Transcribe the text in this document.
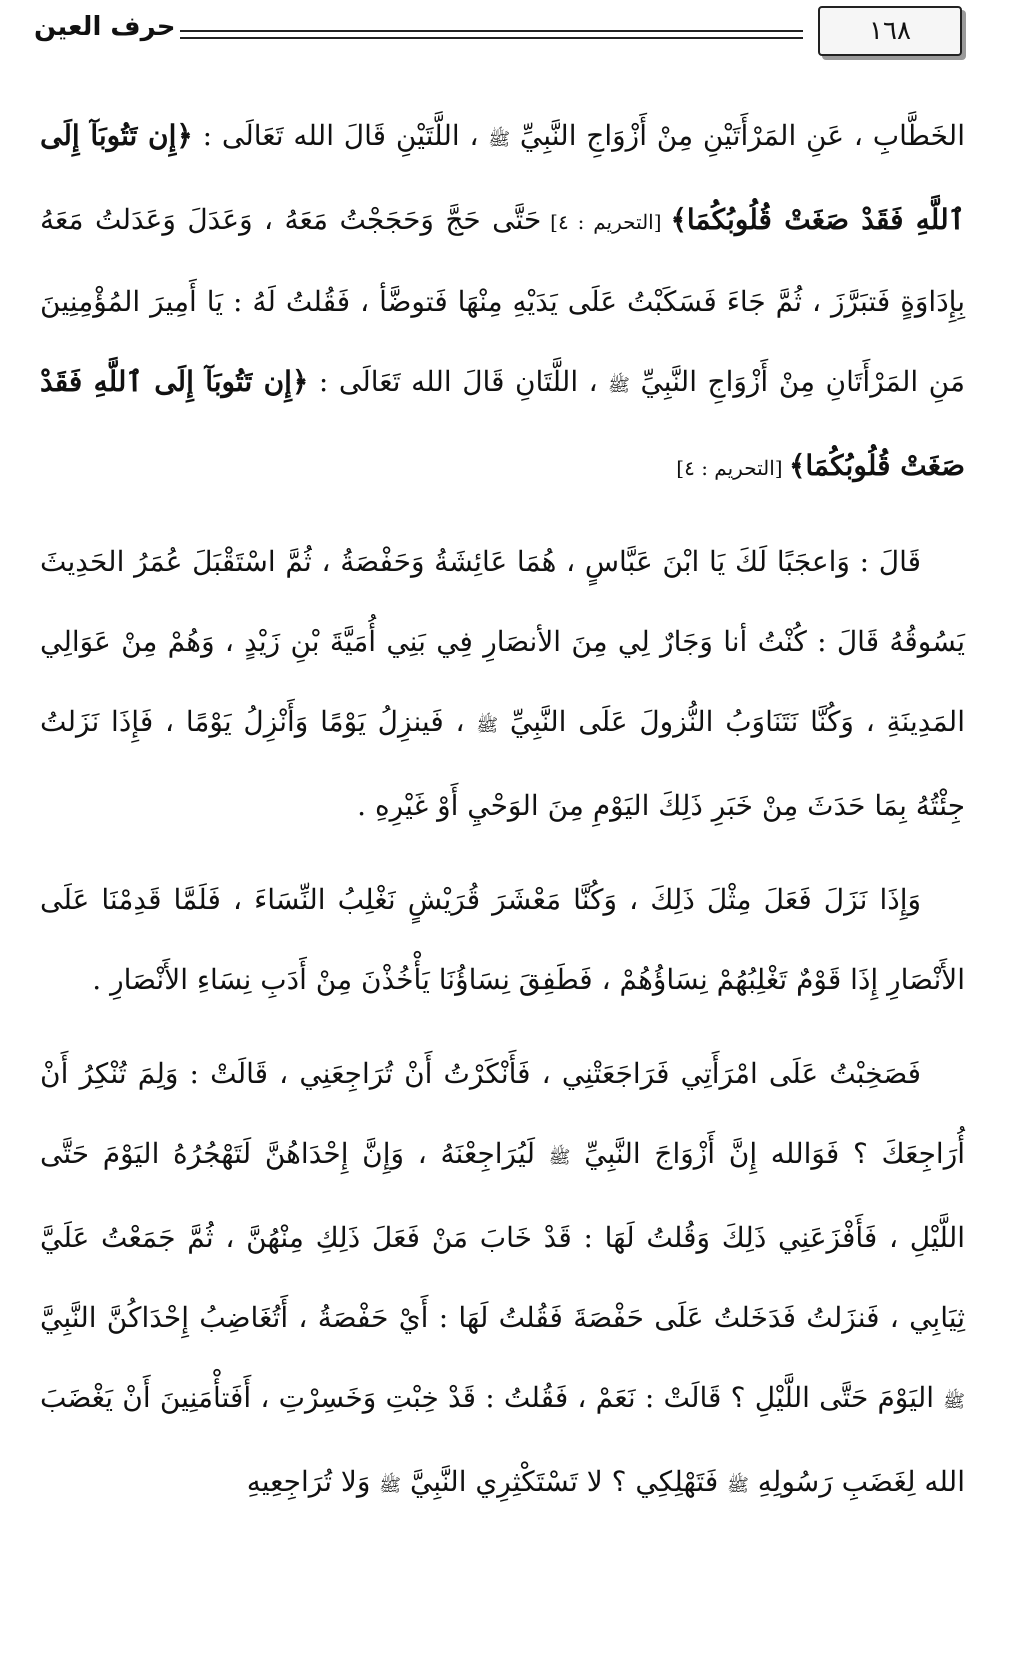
١٦٨
حرف العين

الخَطَّابِ ، عَنِ المَرْأَتَيْنِ مِنْ أَزْوَاجِ النَّبِيِّ ﷺ ، اللَّتَيْنِ قَالَ الله تَعَالَى : ﴿إِن تَتُوبَآ إِلَى ٱللَّهِ فَقَدْ صَغَتْ قُلُوبُكُمَا﴾ [التحريم : ٤] حَتَّى حَجَّ وَحَجَجْتُ مَعَهُ ، وَعَدَلَ وَعَدَلتُ مَعَهُ بِإِدَاوَةٍ فَتبَرَّزَ ، ثُمَّ جَاءَ فَسَكَبْتُ عَلَى يَدَيْهِ مِنْهَا فَتوضَّأ ، فَقُلتُ لَهُ : يَا أَمِيرَ المُؤْمِنِينَ مَنِ المَرْأَتَانِ مِنْ أَزْوَاجِ النَّبِيِّ ﷺ ، اللَّتَانِ قَالَ الله تَعَالَى : ﴿إِن تَتُوبَآ إِلَى ٱللَّهِ فَقَدْ صَغَتْ قُلُوبُكُمَا﴾ [التحريم : ٤]

قَالَ : وَاعجَبًا لَكَ يَا ابْنَ عَبَّاسٍ ، هُمَا عَائِشَةُ وَحَفْصَةُ ، ثُمَّ اسْتَقْبَلَ عُمَرُ الحَدِيثَ يَسُوقُهُ قَالَ : كُنْتُ أنا وَجَارٌ لِي مِنَ الأنصَارِ فِي بَنِي أُمَيَّةَ بْنِ زَيْدٍ ، وَهُمْ مِنْ عَوَالِي المَدِينَةِ ، وَكُنَّا نَتَنَاوَبُ النُّزولَ عَلَى النَّبِيِّ ﷺ ، فَينزِلُ يَوْمًا وَأَنْزِلُ يَوْمًا ، فَإِذَا نَزَلتُ جِئْتُهُ بِمَا حَدَثَ مِنْ خَبَرِ ذَلِكَ اليَوْمِ مِنَ الوَحْيِ أَوْ غَيْرِهِ .

وَإِذَا نَزَلَ فَعَلَ مِثْلَ ذَلِكَ ، وَكُنَّا مَعْشَرَ قُرَيْشٍ نَغْلِبُ النِّسَاءَ ، فَلَمَّا قَدِمْنَا عَلَى الأَنْصَارِ إِذَا قَوْمٌ تَغْلِبُهُمْ نِسَاؤُهُمْ ، فَطَفِقَ نِسَاؤُنَا يَأْخُذْنَ مِنْ أَدَبِ نِسَاءِ الأَنْصَارِ .

فَصَخِبْتُ عَلَى امْرَأَتِي فَرَاجَعَتْنِي ، فَأَنْكَرْتُ أَنْ تُرَاجِعَنِي ، قَالَتْ : وَلِمَ تُنْكِرُ أَنْ أُرَاجِعَكَ ؟ فَوَالله إِنَّ أَزْوَاجَ النَّبِيِّ ﷺ لَيُرَاجِعْنَهُ ، وَإِنَّ إِحْدَاهُنَّ لَتَهْجُرُهُ اليَوْمَ حَتَّى اللَّيْلِ ، فَأَفْزَعَنِي ذَلِكَ وَقُلتُ لَهَا : قَدْ خَابَ مَنْ فَعَلَ ذَلِكِ مِنْهُنَّ ، ثُمَّ جَمَعْتُ عَلَيَّ ثِيَابِي ، فَنزَلتُ فَدَخَلتُ عَلَى حَفْصَةَ فَقُلتُ لَهَا : أَيْ حَفْصَةُ ، أَتُغَاضِبُ إِحْدَاكُنَّ النَّبِيَّ ﷺ اليَوْمَ حَتَّى اللَّيْلِ ؟ قَالَتْ : نَعَمْ ، فَقُلتُ : قَدْ خِبْتِ وَخَسِرْتِ ، أَفَتأْمَنِينَ أَنْ يَغْضَبَ الله لِغَضَبِ رَسُولِهِ ﷺ فَتَهْلِكِي ؟ لا تَسْتَكْثِرِي النَّبِيَّ ﷺ وَلا تُرَاجِعِيهِ
